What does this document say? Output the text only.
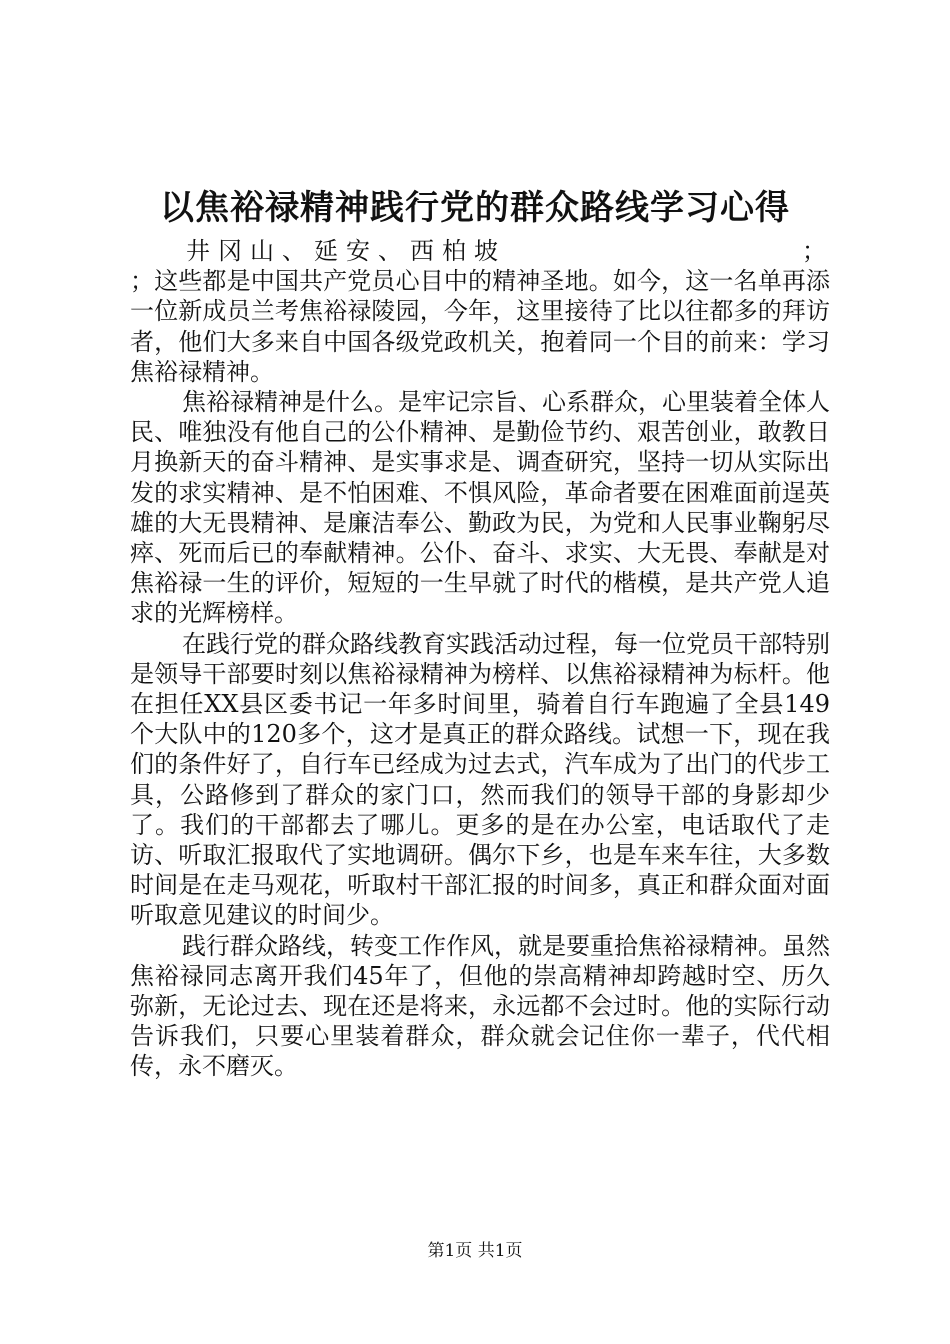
以焦裕禄精神践行党的群众路线学习心得
井冈山、延安、西柏坡	；

；这些都是中国共产党员心目中的精神圣地。如今，这一名单再添一位新成员兰考焦裕禄陵园，今年，这里接待了比以往都多的拜访者，他们大多来自中国各级党政机关，抱着同一个目的前来：学习焦裕禄精神。

焦裕禄精神是什么。是牢记宗旨、心系群众，心里装着全体人民、唯独没有他自己的公仆精神、是勤俭节约、艰苦创业，敢教日月换新天的奋斗精神、是实事求是、调查研究，坚持一切从实际出发的求实精神、是不怕困难、不惧风险，革命者要在困难面前逞英雄的大无畏精神、是廉洁奉公、勤政为民，为党和人民事业鞠躬尽瘁、死而后已的奉献精神。公仆、奋斗、求实、大无畏、奉献是对焦裕禄一生的评价，短短的一生早就了时代的楷模，是共产党人追求的光辉榜样。

在践行党的群众路线教育实践活动过程，每一位党员干部特别是领导干部要时刻以焦裕禄精神为榜样、以焦裕禄精神为标杆。他在担任XX县区委书记一年多时间里，骑着自行车跑遍了全县149个大队中的120多个，这才是真正的群众路线。试想一下，现在我们的条件好了，自行车已经成为过去式，汽车成为了出门的代步工具，公路修到了群众的家门口，然而我们的领导干部的身影却少了。我们的干部都去了哪儿。更多的是在办公室，电话取代了走访、听取汇报取代了实地调研。偶尔下乡，也是车来车往，大多数时间是在走马观花，听取村干部汇报的时间多，真正和群众面对面听取意见建议的时间少。

践行群众路线，转变工作作风，就是要重拾焦裕禄精神。虽然焦裕禄同志离开我们45年了，但他的崇高精神却跨越时空、历久弥新，无论过去、现在还是将来，永远都不会过时。他的实际行动告诉我们，只要心里装着群众，群众就会记住你一辈子，代代相传，永不磨灭。

第1页 共1页
